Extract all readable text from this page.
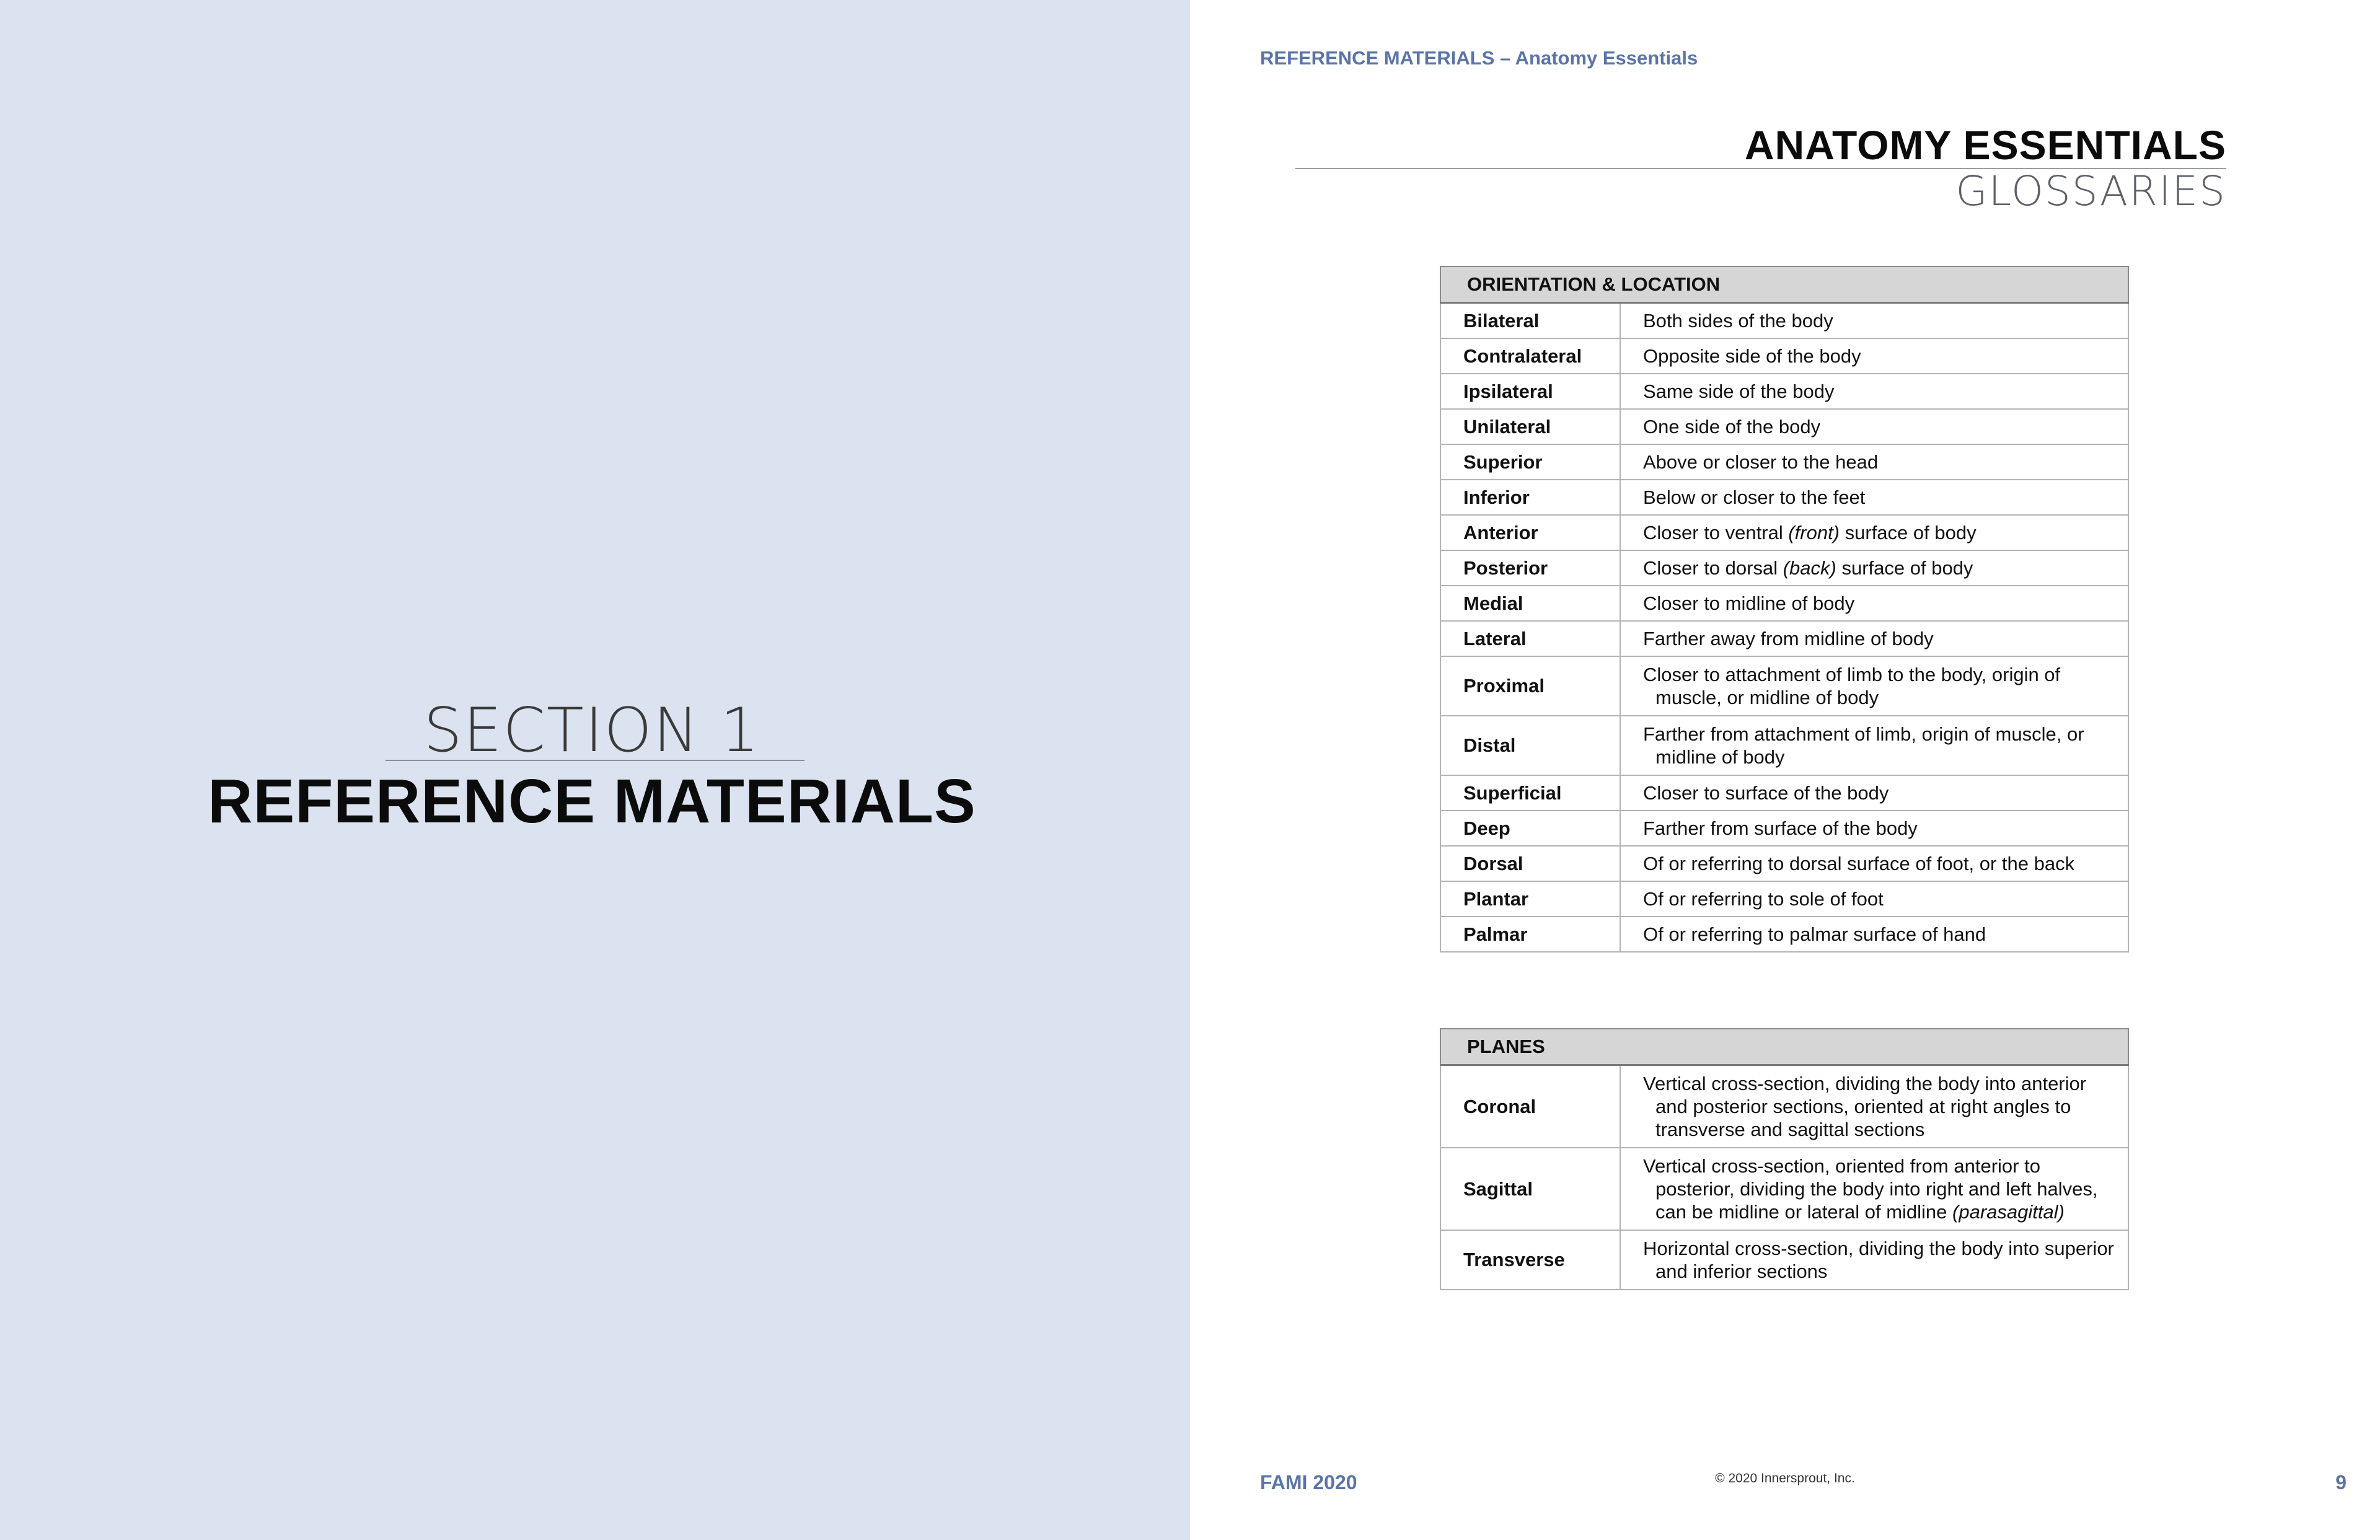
SECTION 1
REFERENCE MATERIALS
REFERENCE MATERIALS – Anatomy Essentials
ANATOMY ESSENTIALS
GLOSSARIES
ORIENTATION & LOCATION	
Bilateral	Both sides of the body
Contralateral	Opposite side of the body
Ipsilateral	Same side of the body
Unilateral	One side of the body
Superior	Above or closer to the head
Inferior	Below or closer to the feet
Anterior	Closer to ventral (front) surface of body
Posterior	Closer to dorsal (back) surface of body
Medial	Closer to midline of body
Lateral	Farther away from midline of body
Proximal	Closer to attachment of limb to the body, origin of muscle, or midline of body
Distal	Farther from attachment of limb, origin of muscle, or midline of body
Superficial	Closer to surface of the body
Deep	Farther from surface of the body
Dorsal	Of or referring to dorsal surface of foot, or the back
Plantar	Of or referring to sole of foot
Palmar	Of or referring to palmar surface of hand
PLANES	
Coronal	Vertical cross-section, dividing the body into anterior and posterior sections, oriented at right angles to transverse and sagittal sections
Sagittal	Vertical cross-section, oriented from anterior to posterior, dividing the body into right and left halves, can be midline or lateral of midline (parasagittal)
Transverse	Horizontal cross-section, dividing the body into superior and inferior sections
FAMI 2020	© 2020 Innersprout, Inc.	9
